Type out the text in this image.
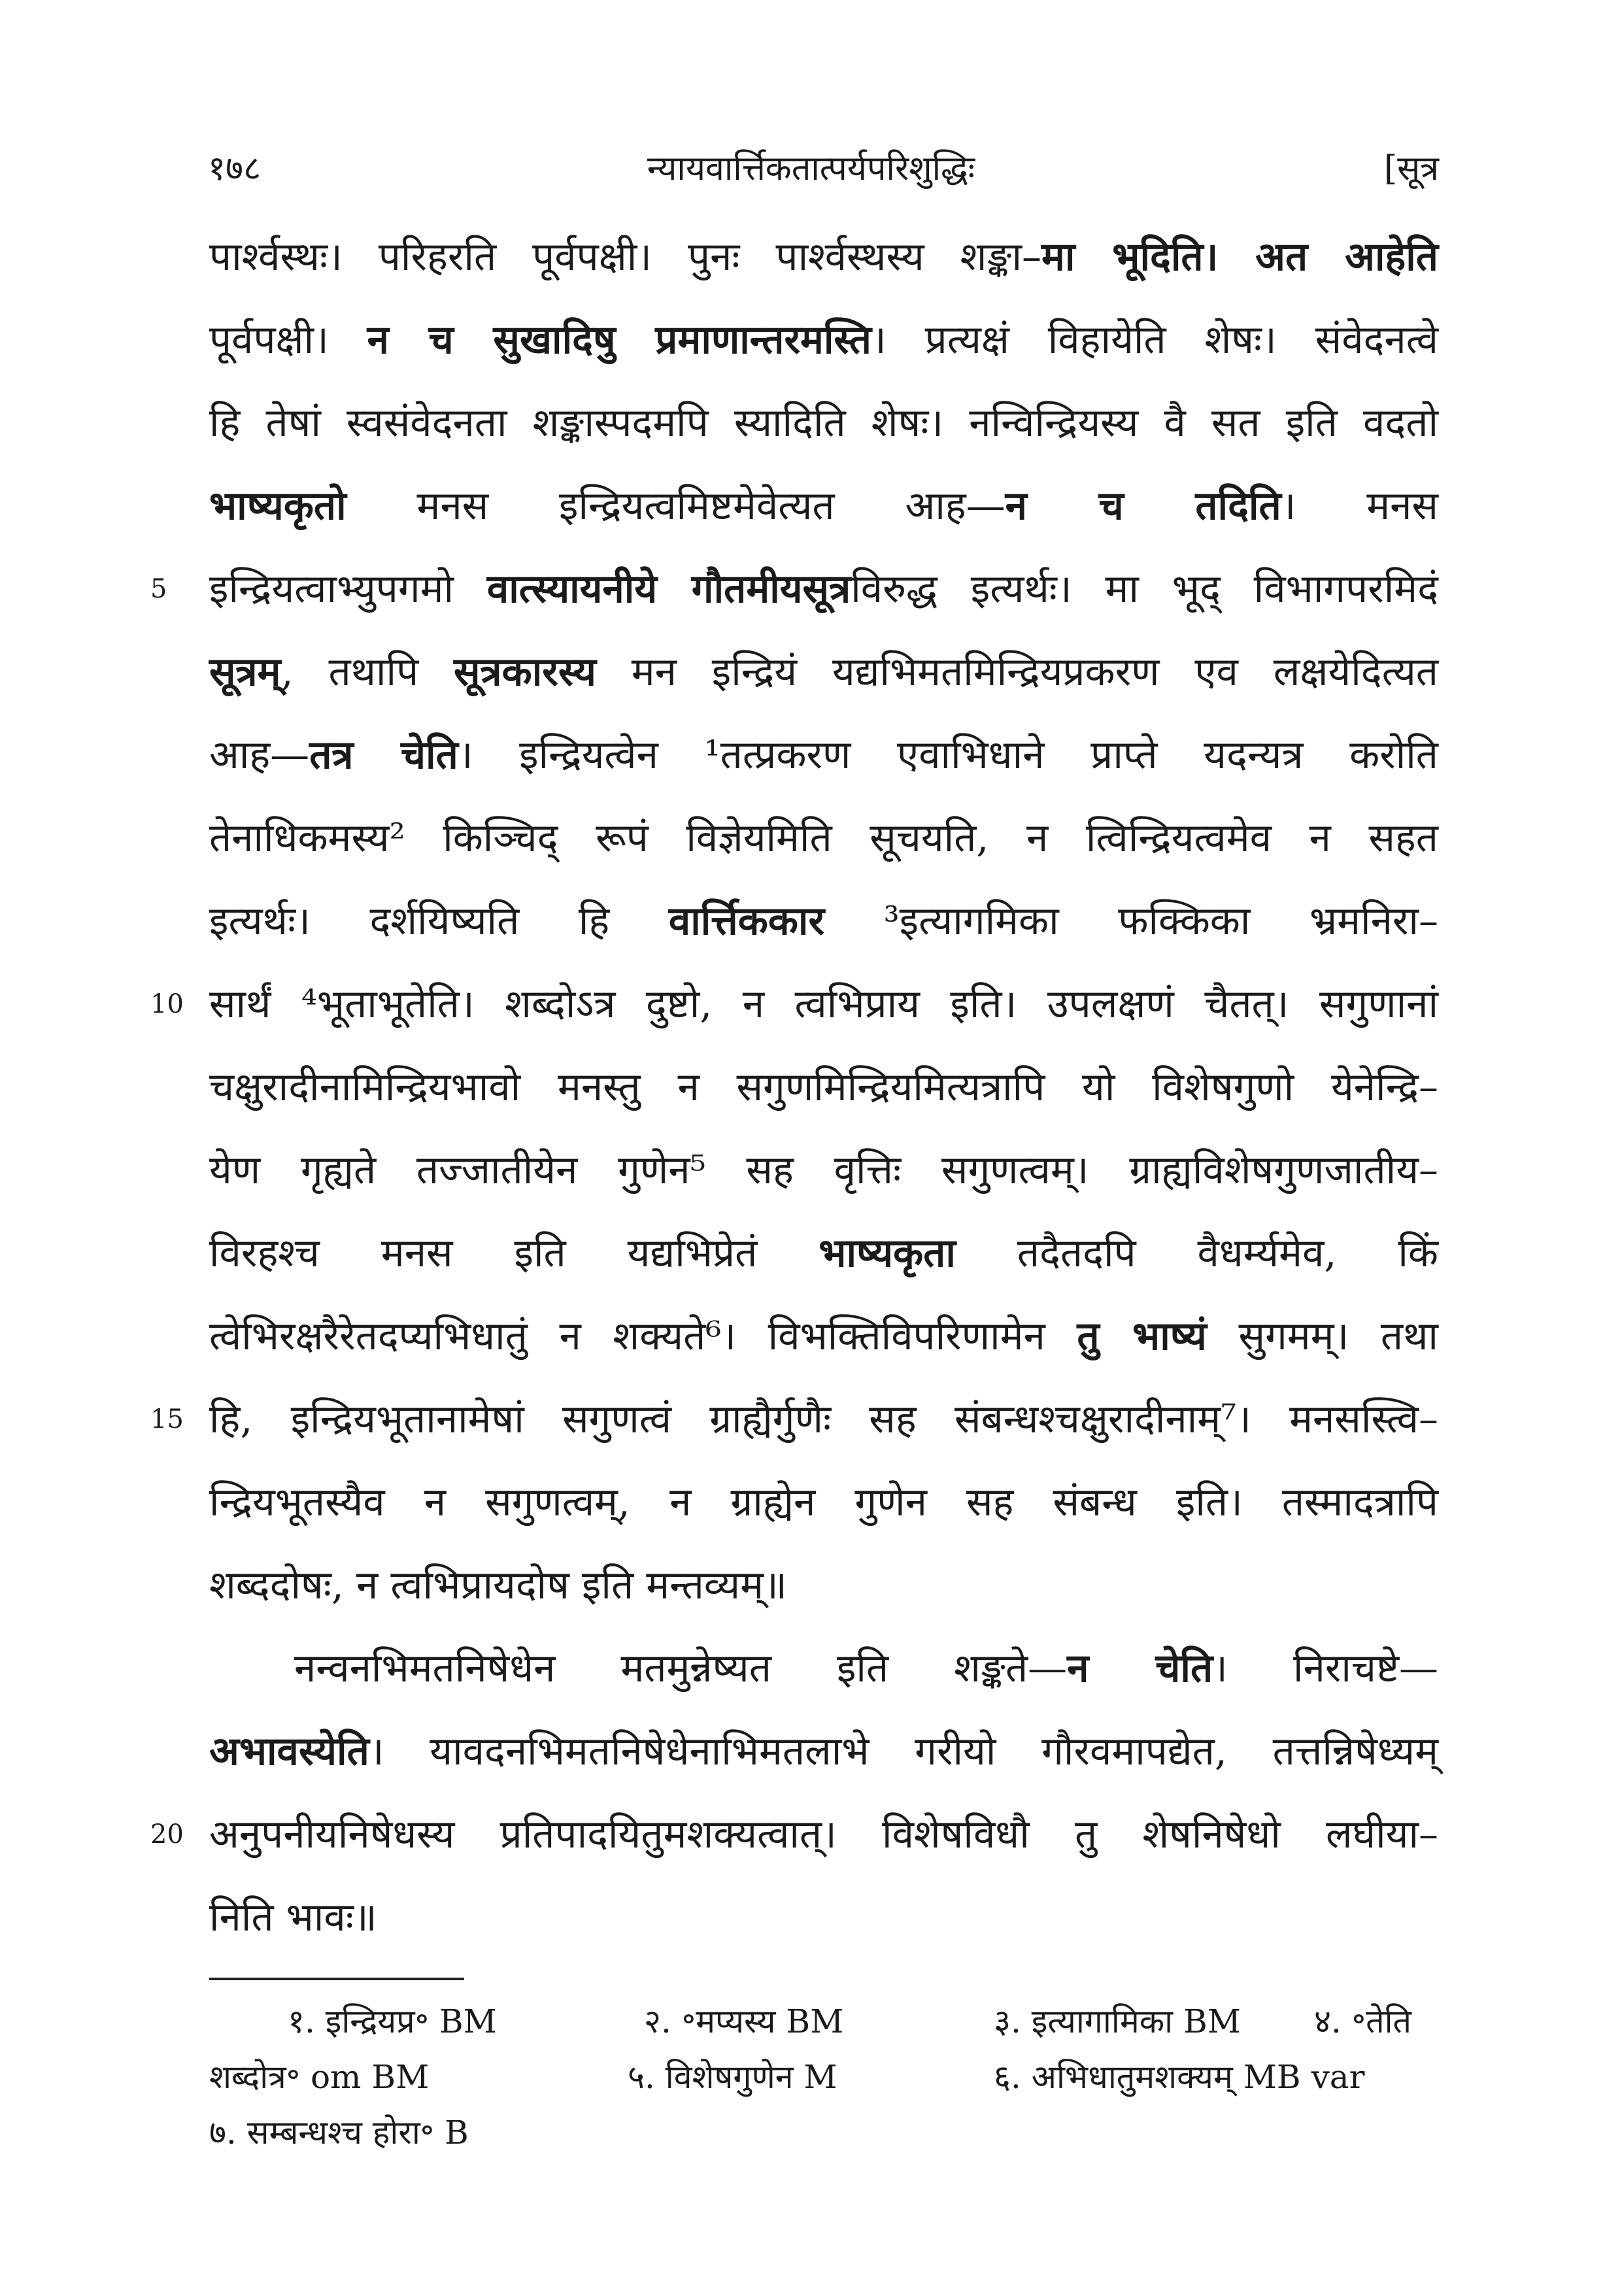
१७८	न्यायवार्त्तिकतात्पर्यपरिशुद्धिः	[सूत्र
पार्श्वस्थः। परिहरति पूर्वपक्षी। पुनः पार्श्वस्थस्य शङ्का–मा भूदिति। अत आहेति
पूर्वपक्षी। न च सुखादिषु प्रमाणान्तरमस्ति। प्रत्यक्षं विहायेति शेषः। संवेदनत्वे
हि तेषां स्वसंवेदनता शङ्कास्पदमपि स्यादिति शेषः। नन्विन्द्रियस्य वै सत इति वदतो
भाष्यकृतो मनस इन्द्रियत्वमिष्टमेवेत्यत आह—न च तदिति। मनस
5	इन्द्रियत्वाभ्युपगमो वात्स्यायनीये गौतमीयसूत्रविरुद्ध इत्यर्थः। मा भूद् विभागपरमिदं
सूत्रम्, तथापि सूत्रकारस्य मन इन्द्रियं यद्यभिमतमिन्द्रियप्रकरण एव लक्षयेदित्यत
आह—तत्र चेति। इन्द्रियत्वेन ¹तत्प्रकरण एवाभिधाने प्राप्ते यदन्यत्र करोति
तेनाधिकमस्य² किञ्चिद् रूपं विज्ञेयमिति सूचयति, न त्विन्द्रियत्वमेव न सहत
इत्यर्थः। दर्शयिष्यति हि वार्त्तिककार ³इत्यागमिका फक्किका भ्रमनिरा–
10 सार्थं ⁴भूताभूतेति। शब्दोऽत्र दुष्टो, न त्वभिप्राय इति। उपलक्षणं चैतत्। सगुणानां
चक्षुरादीनामिन्द्रियभावो मनस्तु न सगुणमिन्द्रियमित्यत्रापि यो विशेषगुणो येनेन्द्रि–
येण गृह्यते तज्जातीयेन गुणेन⁵ सह वृत्तिः सगुणत्वम्। ग्राह्यविशेषगुणजातीय–
विरहश्च मनस इति यद्यभिप्रेतं भाष्यकृता तदैतदपि वैधर्म्यमेव, किं
त्वेभिरक्षरैरेतदप्यभिधातुं न शक्यते⁶। विभक्तिविपरिणामेन तु भाष्यं सुगमम्। तथा
15 हि, इन्द्रियभूतानामेषां सगुणत्वं ग्राह्यैर्गुणैः सह संबन्धश्चक्षुरादीनाम्⁷। मनसस्त्वि–
न्द्रियभूतस्यैव न सगुणत्वम्, न ग्राह्येन गुणेन सह संबन्ध इति। तस्मादत्रापि
शब्ददोषः, न त्वभिप्रायदोष इति मन्तव्यम्॥
नन्वनभिमतनिषेधेन मतमुन्नेष्यत इति शङ्कते—न चेति। निराचष्टे—
अभावस्येति। यावदनभिमतनिषेधेनाभिमतलाभे गरीयो गौरवमापद्येत, तत्तन्निषेध्यम्
20 अनुपनीयनिषेधस्य प्रतिपादयितुमशक्यत्वात्। विशेषविधौ तु शेषनिषेधो लघीया–
निति भावः॥
१. इन्द्रियप्र॰ BM	२. ॰मप्यस्य BM	३. इत्यागामिका BM ४. ॰तेति
शब्दोत्र॰ om BM	५. विशेषगुणेन M	६. अभिधातुमशक्यम् MB var
७. सम्बन्धश्च होरा॰ B
